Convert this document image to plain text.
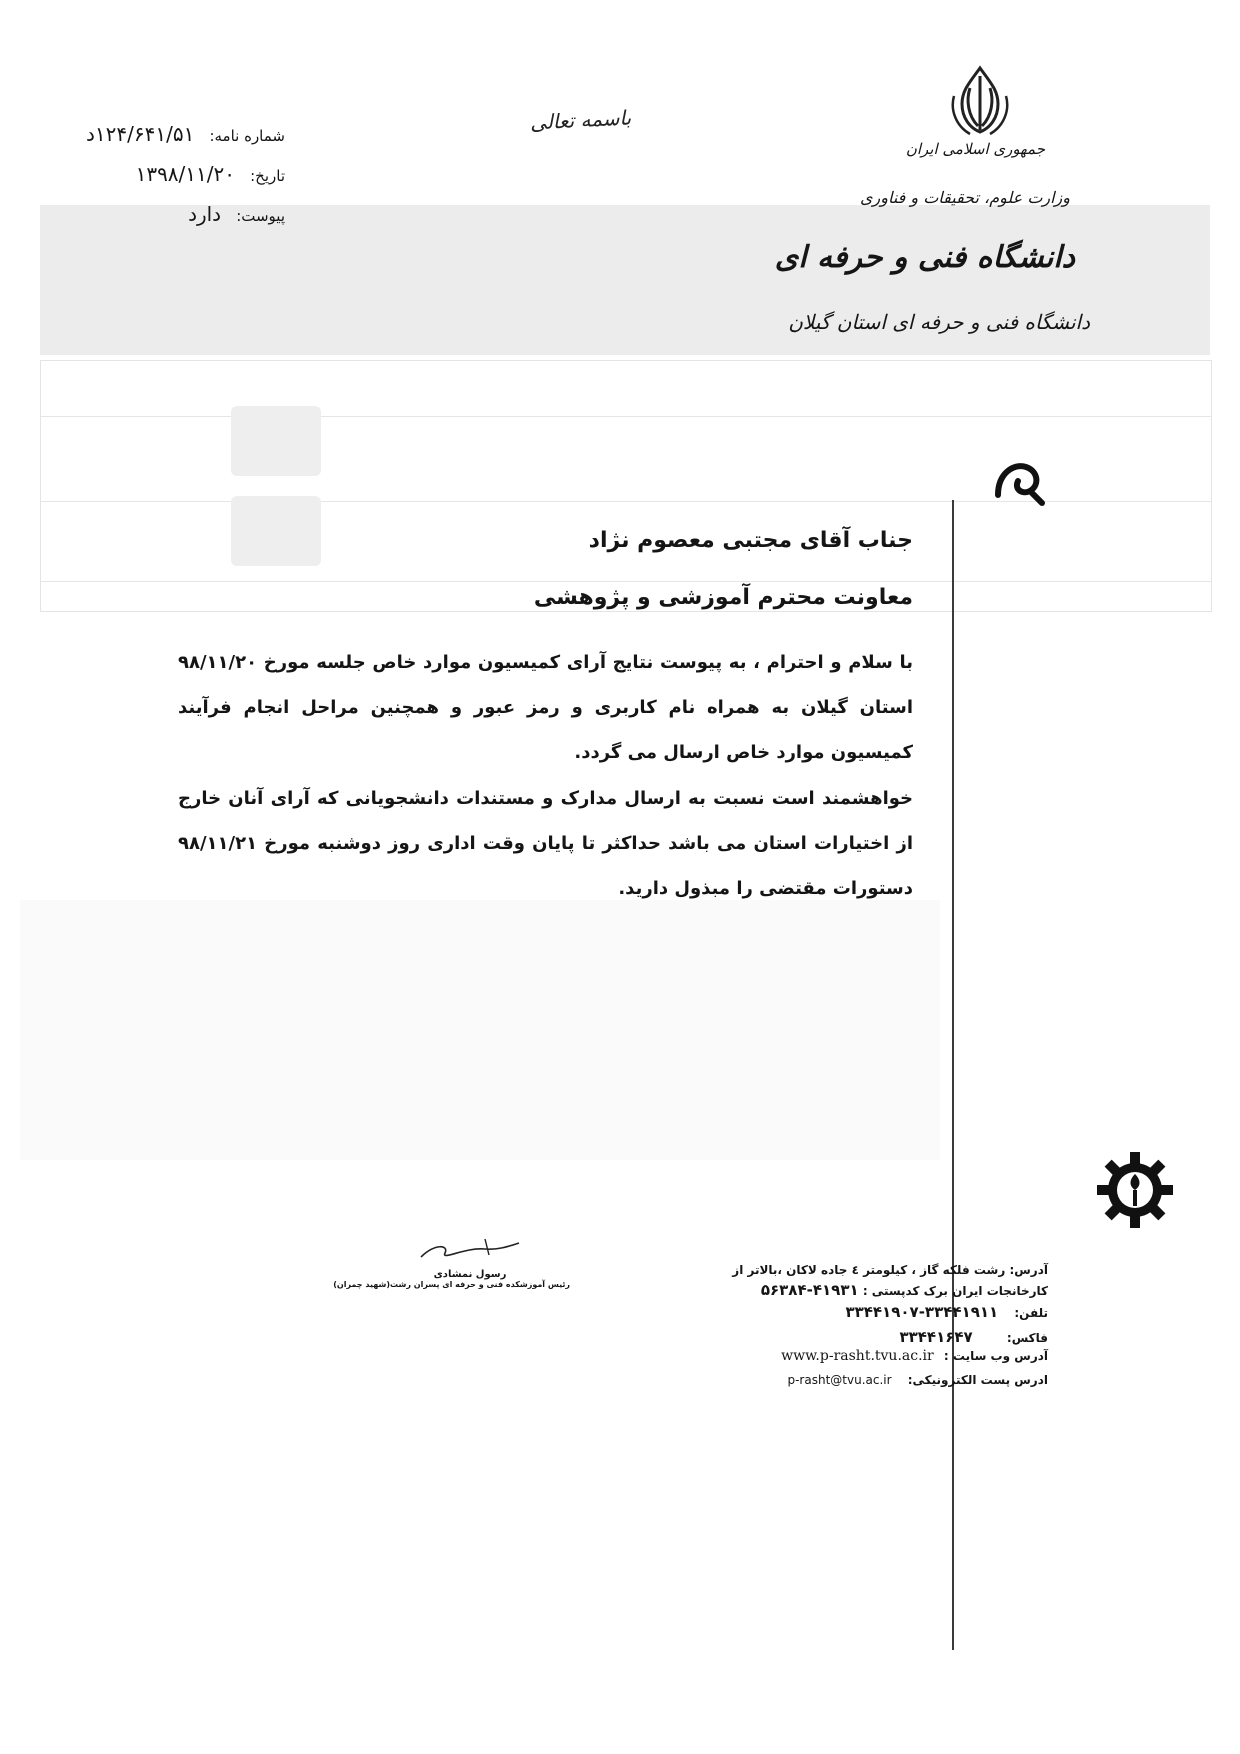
شماره نامه: ۱۲۴/۶۴۱/۵۱د
تاریخ: ۱۳۹۸/۱۱/۲۰
پیوست: دارد
باسمه تعالی
جمهوری اسلامی ایران
وزارت علوم، تحقیقات و فناوری
دانشگاه فنی و حرفه ای
دانشگاه فنی و حرفه ای استان گیلان
جناب آقای مجتبی معصوم نژاد
معاونت محترم آموزشی و پژوهشی
با سلام و احترام ، به پیوست نتایج آرای کمیسیون موارد خاص جلسه مورخ ۹۸/۱۱/۲۰ استان گیلان به همراه نام کاربری و رمز عبور و همچنین مراحل انجام فرآیند کمیسیون موارد خاص ارسال می گردد.
خواهشمند است نسبت به ارسال مدارک و مستندات دانشجویانی که آرای آنان خارج از اختیارات استان می باشد حداکثر تا پایان وقت اداری روز دوشنبه مورخ ۹۸/۱۱/۲۱ دستورات مقتضی را مبذول دارید.
رسول نمشادی
رئیس آموزشکده فنی و حرفه ای پسران رشت(شهید چمران)
آدرس: رشت فلکه گاز ، کیلومتر ٤ جاده لاکان ،بالاتر از
کارخانجات ایران برک کدپستی : ۴۱۹۳۱-۵۶۳۸۴
تلفن: ۳۳۴۴۱۹۱۱-۳۳۴۴۱۹۰۷
فاکس: ۳۳۴۴۱۶۴۷
آدرس وب سایت : www.p-rasht.tvu.ac.ir
ادرس پست الکترونیکی: p-rasht@tvu.ac.ir
